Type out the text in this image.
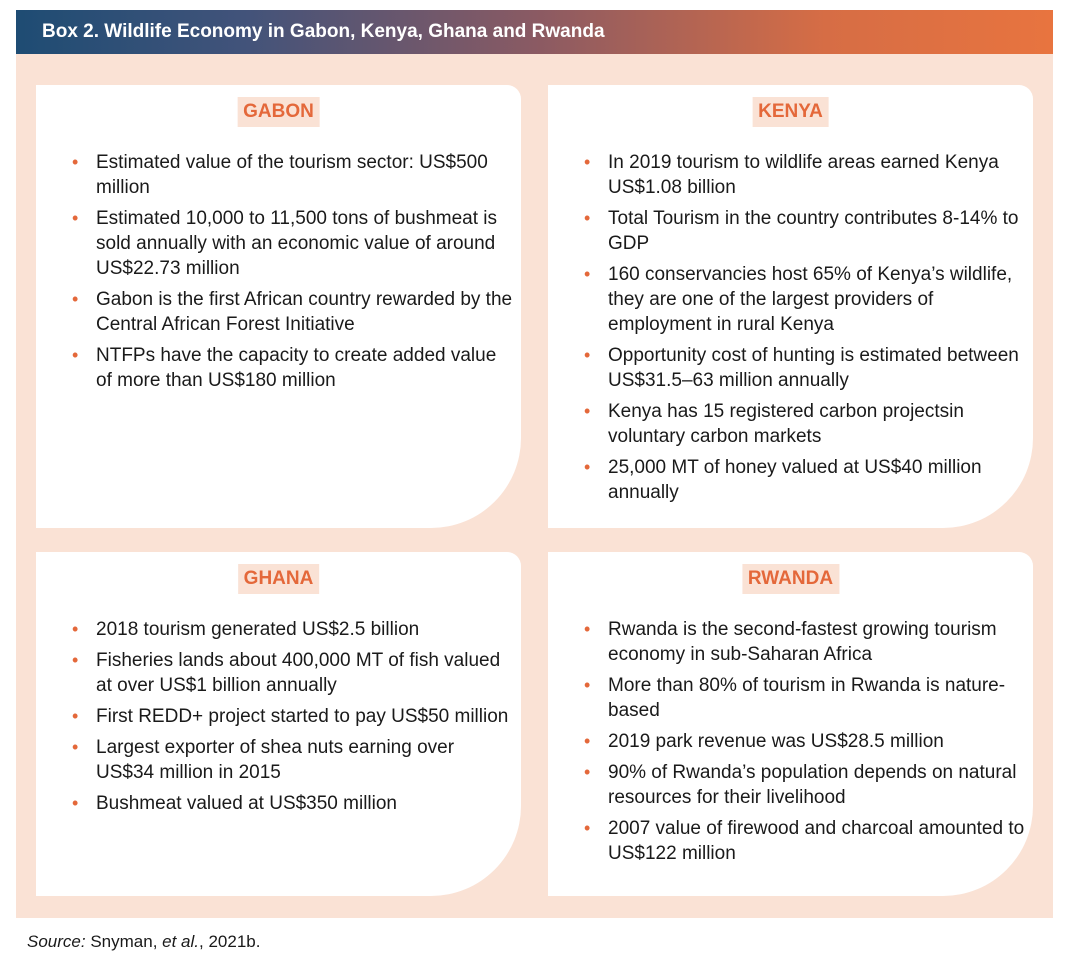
Box 2. Wildlife Economy in Gabon, Kenya, Ghana and Rwanda
GABON
• Estimated value of the tourism sector: US$500 million
• Estimated 10,000 to 11,500 tons of bushmeat is sold annually with an economic value of around US$22.73 million
• Gabon is the first African country rewarded by the Central African Forest Initiative
• NTFPs have the capacity to create added value of more than US$180 million
KENYA
• In 2019 tourism to wildlife areas earned Kenya US$1.08 billion
• Total Tourism in the country contributes 8-14% to GDP
• 160 conservancies host 65% of Kenya’s wildlife, they are one of the largest providers of employment in rural Kenya
• Opportunity cost of hunting is estimated between US$31.5–63 million annually
• Kenya has 15 registered carbon projectsin voluntary carbon markets
• 25,000 MT of honey valued at US$40 million annually
GHANA
• 2018 tourism generated US$2.5 billion
• Fisheries lands about 400,000 MT of fish valued at over US$1 billion annually
• First REDD+ project started to pay US$50 million
• Largest exporter of shea nuts earning over US$34 million in 2015
• Bushmeat valued at US$350 million
RWANDA
• Rwanda is the second-fastest growing tourism economy in sub-Saharan Africa
• More than 80% of tourism in Rwanda is nature-based
• 2019 park revenue was US$28.5 million
• 90% of Rwanda’s population depends on natural resources for their livelihood
• 2007 value of firewood and charcoal amounted to US$122 million
Source: Snyman, et al., 2021b.
